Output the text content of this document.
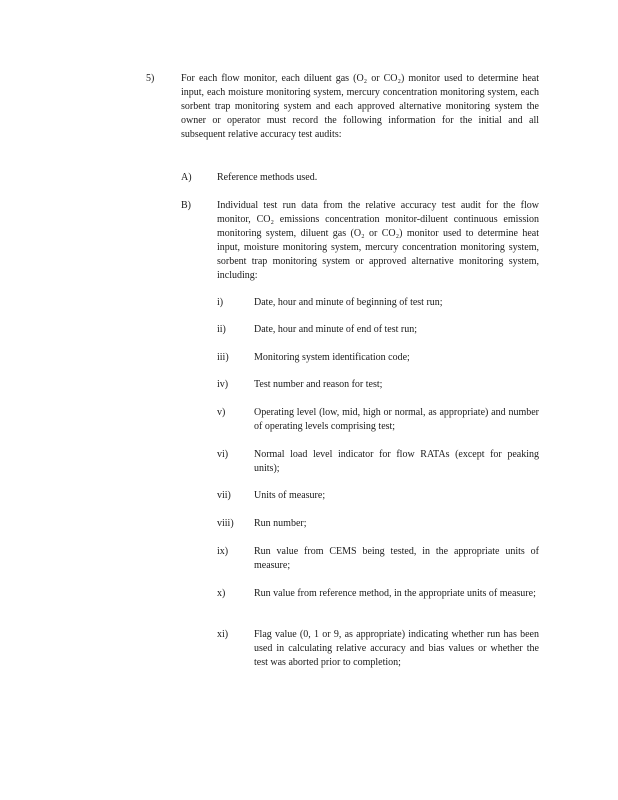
5)	For each flow monitor, each diluent gas (O₂ or CO₂) monitor used to determine heat input, each moisture monitoring system, mercury concentration monitoring system, each sorbent trap monitoring system and each approved alternative monitoring system the owner or operator must record the following information for the initial and all subsequent relative accuracy test audits:

A)	Reference methods used.

B)	Individual test run data from the relative accuracy test audit for the flow monitor, CO₂ emissions concentration monitor-diluent continuous emission monitoring system, diluent gas (O₂ or CO₂) monitor used to determine heat input, moisture monitoring system, mercury concentration monitoring system, sorbent trap monitoring system or approved alternative monitoring system, including:

i)	Date, hour and minute of beginning of test run;

ii)	Date, hour and minute of end of test run;

iii)	Monitoring system identification code;

iv)	Test number and reason for test;

v)	Operating level (low, mid, high or normal, as appropriate) and number of operating levels comprising test;

vi)	Normal load level indicator for flow RATAs (except for peaking units);

vii) Units of measure;

viii) Run number;

ix)	Run value from CEMS being tested, in the appropriate units of measure;

x)	Run value from reference method, in the appropriate units of measure;

xi)	Flag value (0, 1 or 9, as appropriate) indicating whether run has been used in calculating relative accuracy and bias values or whether the test was aborted prior to completion;
